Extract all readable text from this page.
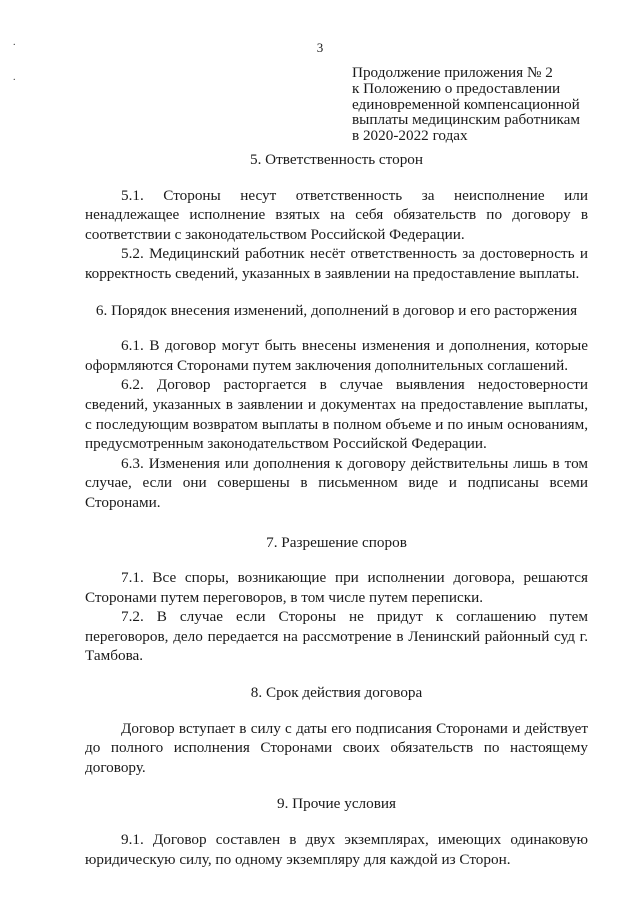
.
.
3
Продолжение приложения № 2
к Положению о предоставлении
единовременной компенсационной
выплаты медицинским работникам
в 2020-2022 годах
5. Ответственность сторон

5.1. Стороны несут ответственность за неисполнение или ненадлежащее исполнение взятых на себя обязательств по договору в соответствии с законодательством Российской Федерации.

5.2. Медицинский работник несёт ответственность за достоверность и корректность сведений, указанных в заявлении на предоставление выплаты.

6. Порядок внесения изменений, дополнений в договор и его расторжения

6.1. В договор могут быть внесены изменения и дополнения, которые оформляются Сторонами путем заключения дополнительных соглашений.

6.2. Договор расторгается в случае выявления недостоверности сведений, указанных в заявлении и документах на предоставление выплаты, с последующим возвратом выплаты в полном объеме и по иным основаниям, предусмотренным законодательством Российской Федерации.

6.3. Изменения или дополнения к договору действительны лишь в том случае, если они совершены в письменном виде и подписаны всеми Сторонами.

7. Разрешение споров

7.1. Все споры, возникающие при исполнении договора, решаются Сторонами путем переговоров, в том числе путем переписки.

7.2. В случае если Стороны не придут к соглашению путем переговоров, дело передается на рассмотрение в Ленинский районный суд г. Тамбова.

8. Срок действия договора

Договор вступает в силу с даты его подписания Сторонами и действует до полного исполнения Сторонами своих обязательств по настоящему договору.

9. Прочие условия

9.1. Договор составлен в двух экземплярах, имеющих одинаковую юридическую силу, по одному экземпляру для каждой из Сторон.
